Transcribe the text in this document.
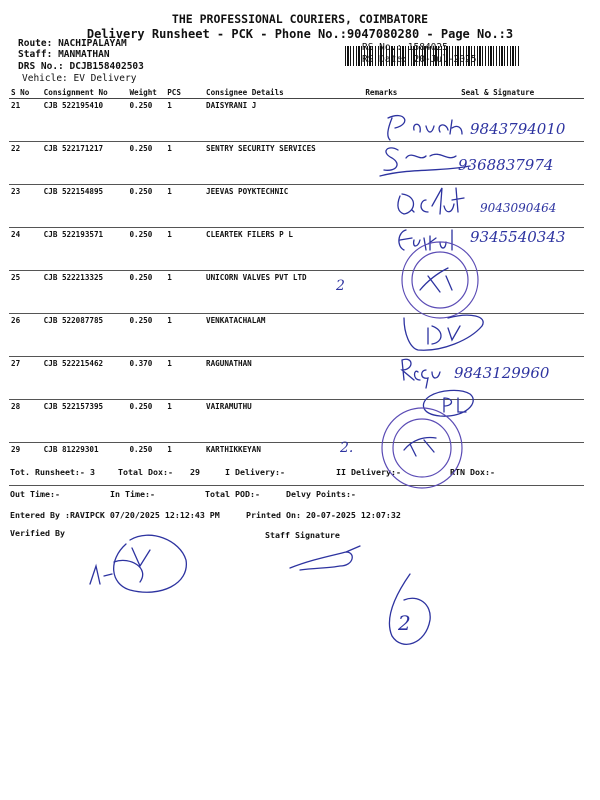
THE PROFESSIONAL COURIERS, COIMBATORE
Delivery Runsheet - PCK - Phone No.:9047080280 - Page No.:3
Route: NACHIPALAYAM
Staff: MANMATHAN
DRS No.: DCJB158402503
Vehicle: EV Delivery
RS No.: 1584025
RS Date: 20-Jul-2025
S No	Consignment No	Weight	PCS	Consignee Details	Remarks	Seal & Signature
21	CJB 522195410	0.250	1	DAISYRANI J		
22	CJB 522171217	0.250	1	SENTRY SECURITY SERVICES		
23	CJB 522154895	0.250	1	JEEVAS POYKTECHNIC		
24	CJB 522193571	0.250	1	CLEARTEK FILERS P L		
25	CJB 522213325	0.250	1	UNICORN VALVES PVT LTD		
26	CJB 522087785	0.250	1	VENKATACHALAM		
27	CJB 522215462	0.370	1	RAGUNATHAN		
28	CJB 522157395	0.250	1	VAIRAMUTHU		
29	CJB 81229301	0.250	1	KARTHIKKEYAN		
Tot. Runsheet:- 3	Total Dox:- 29	I Delivery:-	II Delivery:-	RTN Dox:-
Out Time:-	In Time:-	Total POD:-	Delvy Points:-
Entered By :RAVIPCK 07/20/2025 12:12:43 PM	Printed On: 20-07-2025 12:07:32
Verified By	Staff Signature
9843794010
9368837974
9043090464
9345540343
2
9843129960
2.
2
